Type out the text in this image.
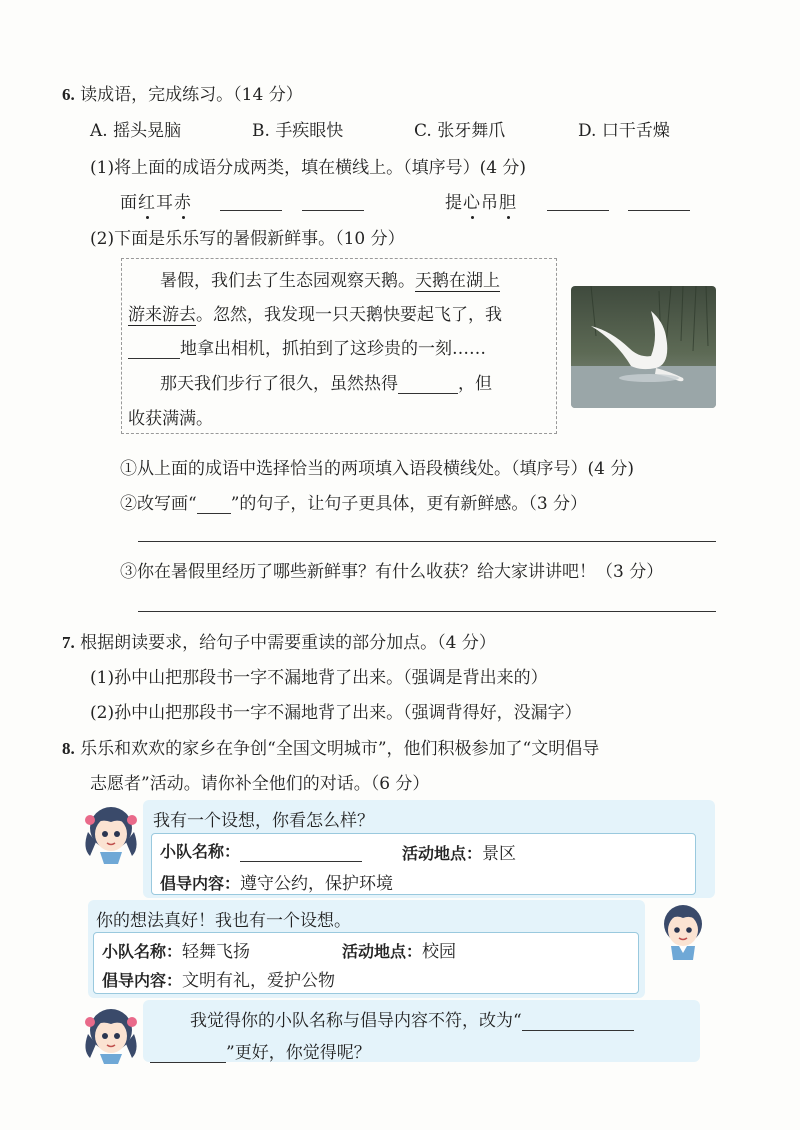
6. 读成语，完成练习。（14 分）
A. 摇头晃脑	B. 手疾眼快	C. 张牙舞爪	D. 口干舌燥
(1)将上面的成语分成两类，填在横线上。（填序号）(4 分)
面红耳赤	提心吊胆
(2)下面是乐乐写的暑假新鲜事。（10 分）
暑假，我们去了生态园观察天鹅。天鹅在湖上
游来游去。忽然，我发现一只天鹅快要起飞了，我
地拿出相机，抓拍到了这珍贵的一刻……
那天我们步行了很久，虽然热得	，但
收获满满。
①从上面的成语中选择恰当的两项填入语段横线处。（填序号）(4 分)
②改写画“ ”的句子，让句子更具体，更有新鲜感。（3 分）
③你在暑假里经历了哪些新鲜事？有什么收获？给大家讲讲吧！（3 分）
7. 根据朗读要求，给句子中需要重读的部分加点。（4 分）
(1)孙中山把那段书一字不漏地背了出来。（强调是背出来的）
(2)孙中山把那段书一字不漏地背了出来。（强调背得好，没漏字）
8. 乐乐和欢欢的家乡在争创“全国文明城市”，他们积极参加了“文明倡导
志愿者”活动。请你补全他们的对话。（6 分）
我有一个设想，你看怎么样？
小队名称：	活动地点：景区
倡导内容：遵守公约，保护环境
你的想法真好！我也有一个设想。
小队名称：轻舞飞扬	活动地点：校园
倡导内容：文明有礼，爱护公物
我觉得你的小队名称与倡导内容不符，改为“
”更好，你觉得呢？
